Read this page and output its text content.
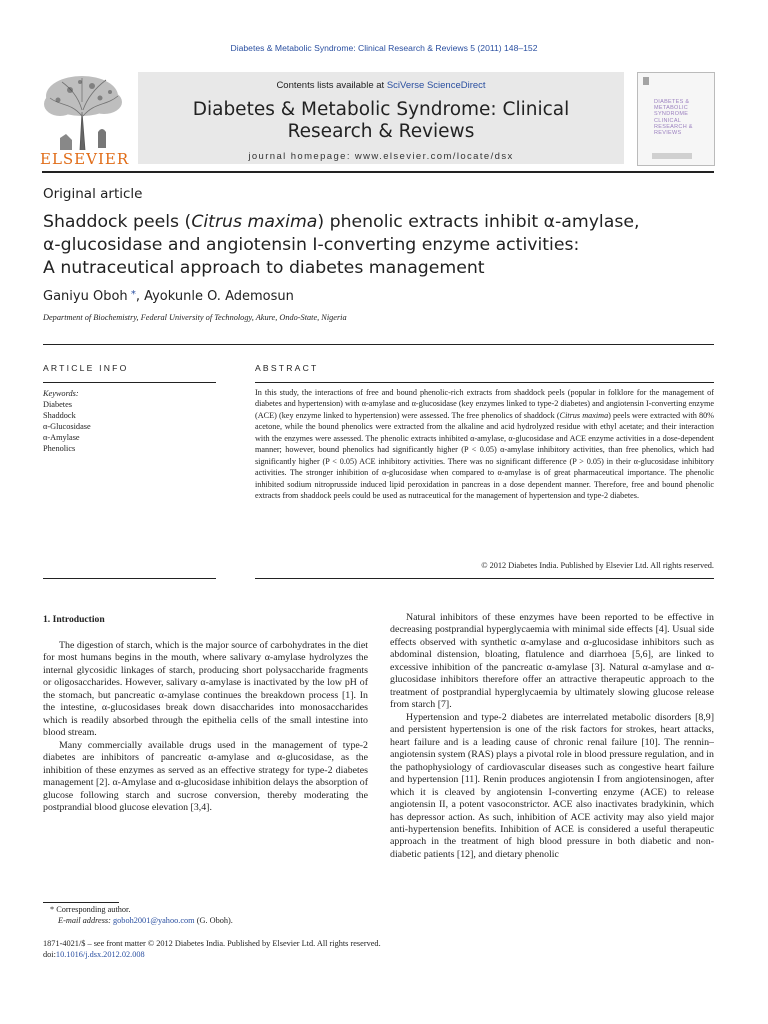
Diabetes & Metabolic Syndrome: Clinical Research & Reviews 5 (2011) 148–152
ELSEVIER
Contents lists available at SciVerse ScienceDirect
Diabetes & Metabolic Syndrome: Clinical Research & Reviews
journal homepage: www.elsevier.com/locate/dsx
DIABETES & METABOLIC SYNDROME CLINICAL RESEARCH & REVIEWS
Original article
Shaddock peels (Citrus maxima) phenolic extracts inhibit α-amylase,
α-glucosidase and angiotensin I-converting enzyme activities:
A nutraceutical approach to diabetes management
Ganiyu Oboh *, Ayokunle O. Ademosun
Department of Biochemistry, Federal University of Technology, Akure, Ondo-State, Nigeria
ARTICLE INFO	ABSTRACT
Keywords:
Diabetes
Shaddock
α-Glucosidase
α-Amylase
Phenolics
In this study, the interactions of free and bound phenolic-rich extracts from shaddock peels (popular in folklore for the management of diabetes and hypertension) with α-amylase and α-glucosidase (key enzymes linked to type-2 diabetes) and angiotensin I-converting enzyme (ACE) (key enzyme linked to hypertension) were assessed. The free phenolics of shaddock (Citrus maxima) peels were extracted with 80% acetone, while the bound phenolics were extracted from the alkaline and acid hydrolyzed residue with ethyl acetate; and their interaction with the enzymes were assessed. The phenolic extracts inhibited α-amylase, α-glucosidase and ACE enzyme activities in a dose-dependent manner; however, bound phenolics had significantly higher (P < 0.05) α-amylase inhibitory activities, than free phenolics, which had significantly higher (P < 0.05) ACE inhibitory activities. There was no significant difference (P > 0.05) in their α-glucosidase inhibitory activities. The stronger inhibition of α-glucosidase when compared to α-amylase is of great pharmaceutical importance. The phenolic inhibited sodium nitroprusside induced lipid peroxidation in pancreas in a dose dependent manner. Therefore, free and bound phenolic extracts from shaddock peels could be used as nutraceutical for the management of hypertension and type-2 diabetes.
© 2012 Diabetes India. Published by Elsevier Ltd. All rights reserved.
1. Introduction

The digestion of starch, which is the major source of carbohydrates in the diet for most humans begins in the mouth, where salivary α-amylase hydrolyzes the internal glycosidic linkages of starch, producing short polysaccharide fragments or oligosaccharides. However, salivary α-amylase is inactivated by the low pH of the stomach, but pancreatic α-amylase continues the breakdown process [1]. In the intestine, α-glucosidases break down disaccharides into monosaccharides which is readily absorbed through the epithelia cells of the small intestine into blood stream.

Many commercially available drugs used in the management of type-2 diabetes are inhibitors of pancreatic α-amylase and α-glucosidase, as the inhibition of these enzymes as served as an effective strategy for type-2 diabetes management [2]. α-Amylase and α-glucosidase inhibition delays the absorption of glucose following starch and sucrose conversion, thereby moderating the postprandial blood glucose elevation [3,4].

Natural inhibitors of these enzymes have been reported to be effective in decreasing postprandial hyperglycaemia with minimal side effects [4]. Usual side effects observed with synthetic α-amylase and α-glucosidase inhibitors such as abdominal distension, bloating, flatulence and diarrhoea [5,6], are linked to excessive inhibition of the pancreatic α-amylase [3]. Natural α-amylase and α-glucosidase inhibitors therefore offer an attractive therapeutic approach to the treatment of postprandial hyperglycaemia by ultimately slowing glucose release from starch [7].

Hypertension and type-2 diabetes are interrelated metabolic disorders [8,9] and persistent hypertension is one of the risk factors for strokes, heart attacks, heart failure and is a leading cause of chronic renal failure [10]. The rennin–angiotensin system (RAS) plays a pivotal role in blood pressure regulation, and in the pathophysiology of cardiovascular diseases such as congestive heart failure and hypertension [11]. Renin produces angiotensin I from angiotensinogen, after which it is cleaved by angiotensin I-converting enzyme (ACE) to release angiotensin II, a potent vasoconstrictor. ACE also inactivates bradykinin, which has depressor action. As such, inhibition of ACE activity may also yield major anti-hypertension benefits. Inhibition of ACE is considered a useful therapeutic approach in the treatment of high blood pressure in both diabetic and non-diabetic patients [12], and dietary phenolic

* Corresponding author.
E-mail address: goboh2001@yahoo.com (G. Oboh).
1871-4021/$ – see front matter © 2012 Diabetes India. Published by Elsevier Ltd. All rights reserved.
doi:10.1016/j.dsx.2012.02.008
